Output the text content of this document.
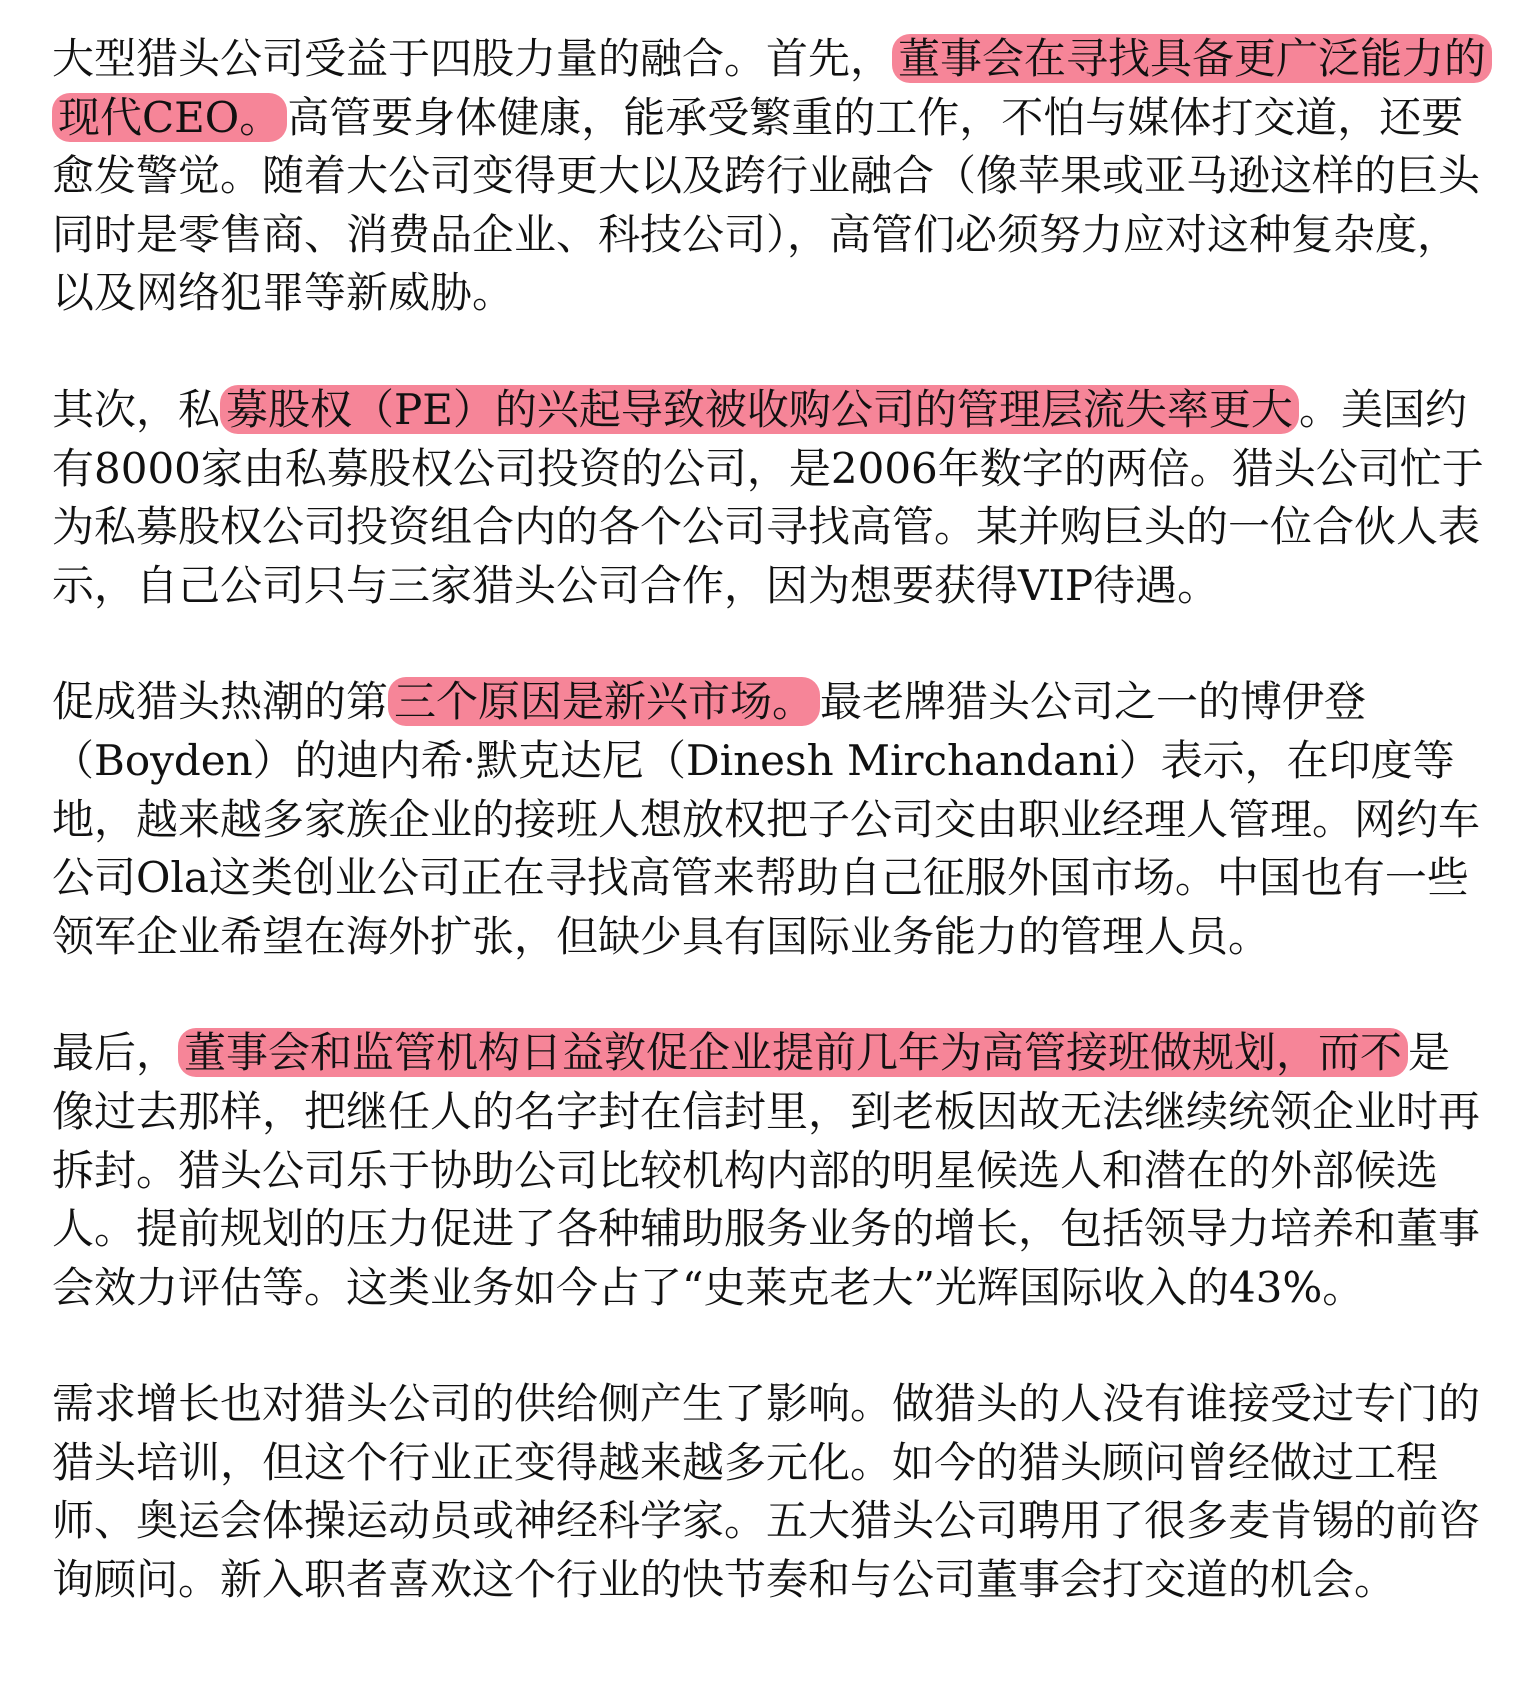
大型猎头公司受益于四股力量的融合。首先， 董事会在寻找具备更广泛能力的现代CEO。 高管要身体健康，能承受繁重的工作，不怕与媒体打交道，还要愈发警觉。随着大公司变得更大以及跨行业融合（像苹果或亚马逊这样的巨头同时是零售商、消费品企业、科技公司），高管们必须努力应对这种复杂度，以及网络犯罪等新威胁。

其次，私 募股权（PE）的兴起导致被收购公司的管理层流失率更大 。美国约有8000家由私募股权公司投资的公司，是2006年数字的两倍。猎头公司忙于为私募股权公司投资组合内的各个公司寻找高管。某并购巨头的一位合伙人表示，自己公司只与三家猎头公司合作，因为想要获得VIP待遇。

促成猎头热潮的第 三个原因是新兴市场。 最老牌猎头公司之一的博伊登（Boyden）的迪内希·默克达尼（Dinesh Mirchandani）表示，在印度等地，越来越多家族企业的接班人想放权把子公司交由职业经理人管理。网约车公司Ola这类创业公司正在寻找高管来帮助自己征服外国市场。中国也有一些领军企业希望在海外扩张，但缺少具有国际业务能力的管理人员。

最后， 董事会和监管机构日益敦促企业提前几年为高管接班做规划，而不 是像过去那样，把继任人的名字封在信封里，到老板因故无法继续统领企业时再拆封。猎头公司乐于协助公司比较机构内部的明星候选人和潜在的外部候选人。提前规划的压力促进了各种辅助服务业务的增长，包括领导力培养和董事会效力评估等。这类业务如今占了“史莱克老大”光辉国际收入的43%。

需求增长也对猎头公司的供给侧产生了影响。做猎头的人没有谁接受过专门的猎头培训，但这个行业正变得越来越多元化。如今的猎头顾问曾经做过工程师、奥运会体操运动员或神经科学家。五大猎头公司聘用了很多麦肯锡的前咨询顾问。新入职者喜欢这个行业的快节奏和与公司董事会打交道的机会。
